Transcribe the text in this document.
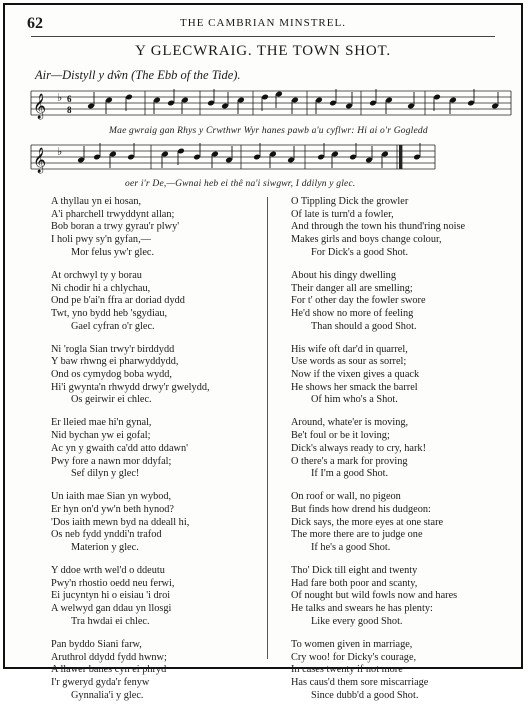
62	THE CAMBRIAN MINSTREL.
Y GLECWRAIG. THE TOWN SHOT.
Air—Distyll y dŵn (The Ebb of the Tide).
𝄞 ♭ 6
8
Mae gwraig gan Rhys y Crwthwr Wyr hanes pawb a'u cyflwr: Hi ai o'r Gogledd
𝄞 ♭
oer i'r De,—Gwnai heb ei thê na'i siwgwr, I ddilyn y glec.
A thyllau yn ei hosan,
A'i pharchell trwyddynt allan;
Bob boran a trwy gyrau'r plwy'
I holi pwy sy'n gyfan,—
Mor felus yw'r glec.
At orchwyl ty y borau
Ni chodir hi a chlychau,
Ond pe b'ai'n ffra ar doriad dydd
Twt, yno bydd heb 'sgydiau,
Gael cyfran o'r glec.
Ni 'rogla Sian trwy'r birddydd
Y baw rhwng ei pharwyddydd,
Ond os cymydog boba wydd,
Hi'i gwynta'n rhwydd drwy'r gwelydd,
Os geirwir ei chlec.
Er lleied mae hi'n gynal,
Nid bychan yw ei gofal;
Ac yn y gwaith ca'dd atto ddawn'
Pwy fore a nawn mor ddyfal;
Sef dilyn y glec!
Un iaith mae Sian yn wybod,
Er hyn on'd yw'n beth hynod?
'Dos iaith mewn byd na ddeall hi,
Os neb fydd ynddi'n trafod
Materion y glec.
Y ddoe wrth wel'd o ddeutu
Pwy'n rhostio oedd neu ferwi,
Ei jucyntyn hi o eisiau 'i droi
A welwyd gan ddau yn llosgi
Tra hwdai ei chlec.
Pan byddo Siani farw,
Aruthrol ddydd fydd hwnw;
A llawer banes cyn ei phryd
I'r gweryd gyda'r fenyw
Gynnalia'i y glec.
O Tippling Dick the growler
Of late is turn'd a fowler,
And through the town his thund'ring noise
Makes girls and boys change colour,
For Dick's a good Shot.
About his dingy dwelling
Their danger all are smelling;
For t' other day the fowler swore
He'd show no more of feeling
Than should a good Shot.
His wife oft dar'd in quarrel,
Use words as sour as sorrel;
Now if the vixen gives a quack
He shows her smack the barrel
Of him who's a Shot.
Around, whate'er is moving,
Be't foul or be it loving;
Dick's always ready to cry, hark!
O there's a mark for proving
If I'm a good Shot.
On roof or wall, no pigeon
But finds how drend his dudgeon:
Dick says, the more eyes at one stare
The more there are to judge one
If he's a good Shot.
Tho' Dick till eight and twenty
Had fare both poor and scanty,
Of nought but wild fowls now and hares
He talks and swears he has plenty:
Like every good Shot.
To women given in marriage,
Cry woo! for Dicky's courage,
In cases twenty if not more
Has caus'd them sore miscarriage
Since dubb'd a good Shot.
